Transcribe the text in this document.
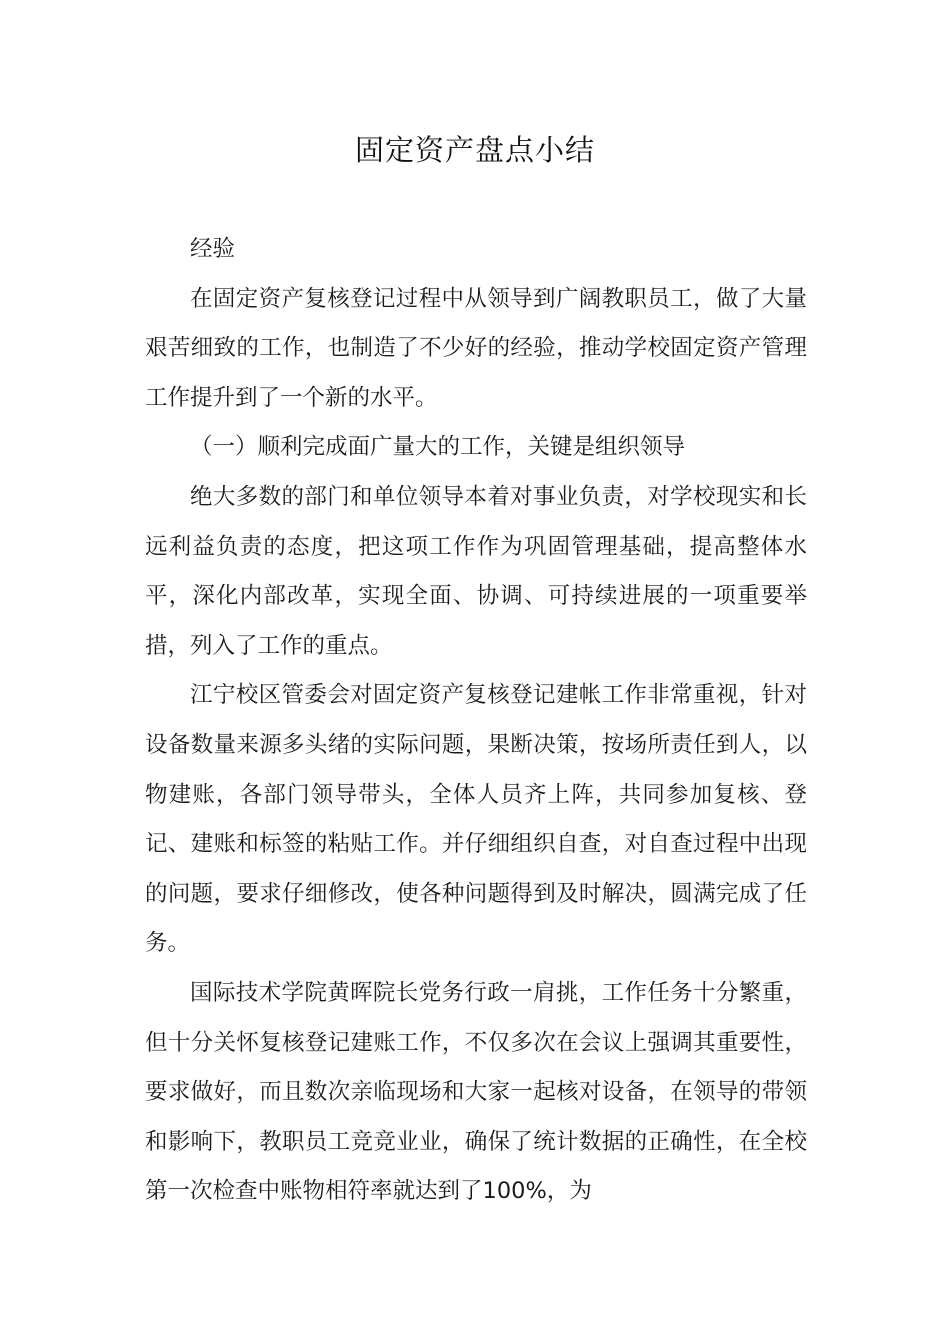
固定资产盘点小结

经验

在固定资产复核登记过程中从领导到广阔教职员工，做了大量艰苦细致的工作，也制造了不少好的经验，推动学校固定资产管理工作提升到了一个新的水平。

（一）顺利完成面广量大的工作，关键是组织领导

绝大多数的部门和单位领导本着对事业负责，对学校现实和长远利益负责的态度，把这项工作作为巩固管理基础，提高整体水平，深化内部改革，实现全面、协调、可持续进展的一项重要举措，列入了工作的重点。

江宁校区管委会对固定资产复核登记建帐工作非常重视，针对设备数量来源多头绪的实际问题，果断决策，按场所责任到人，以物建账，各部门领导带头，全体人员齐上阵，共同参加复核、登记、建账和标签的粘贴工作。并仔细组织自查，对自查过程中出现的问题，要求仔细修改，使各种问题得到及时解决，圆满完成了任务。

国际技术学院黄晖院长党务行政一肩挑，工作任务十分繁重，但十分关怀复核登记建账工作，不仅多次在会议上强调其重要性，要求做好，而且数次亲临现场和大家一起核对设备，在领导的带领和影响下，教职员工竞竞业业，确保了统计数据的正确性，在全校第一次检查中账物相符率就达到了100%，为
